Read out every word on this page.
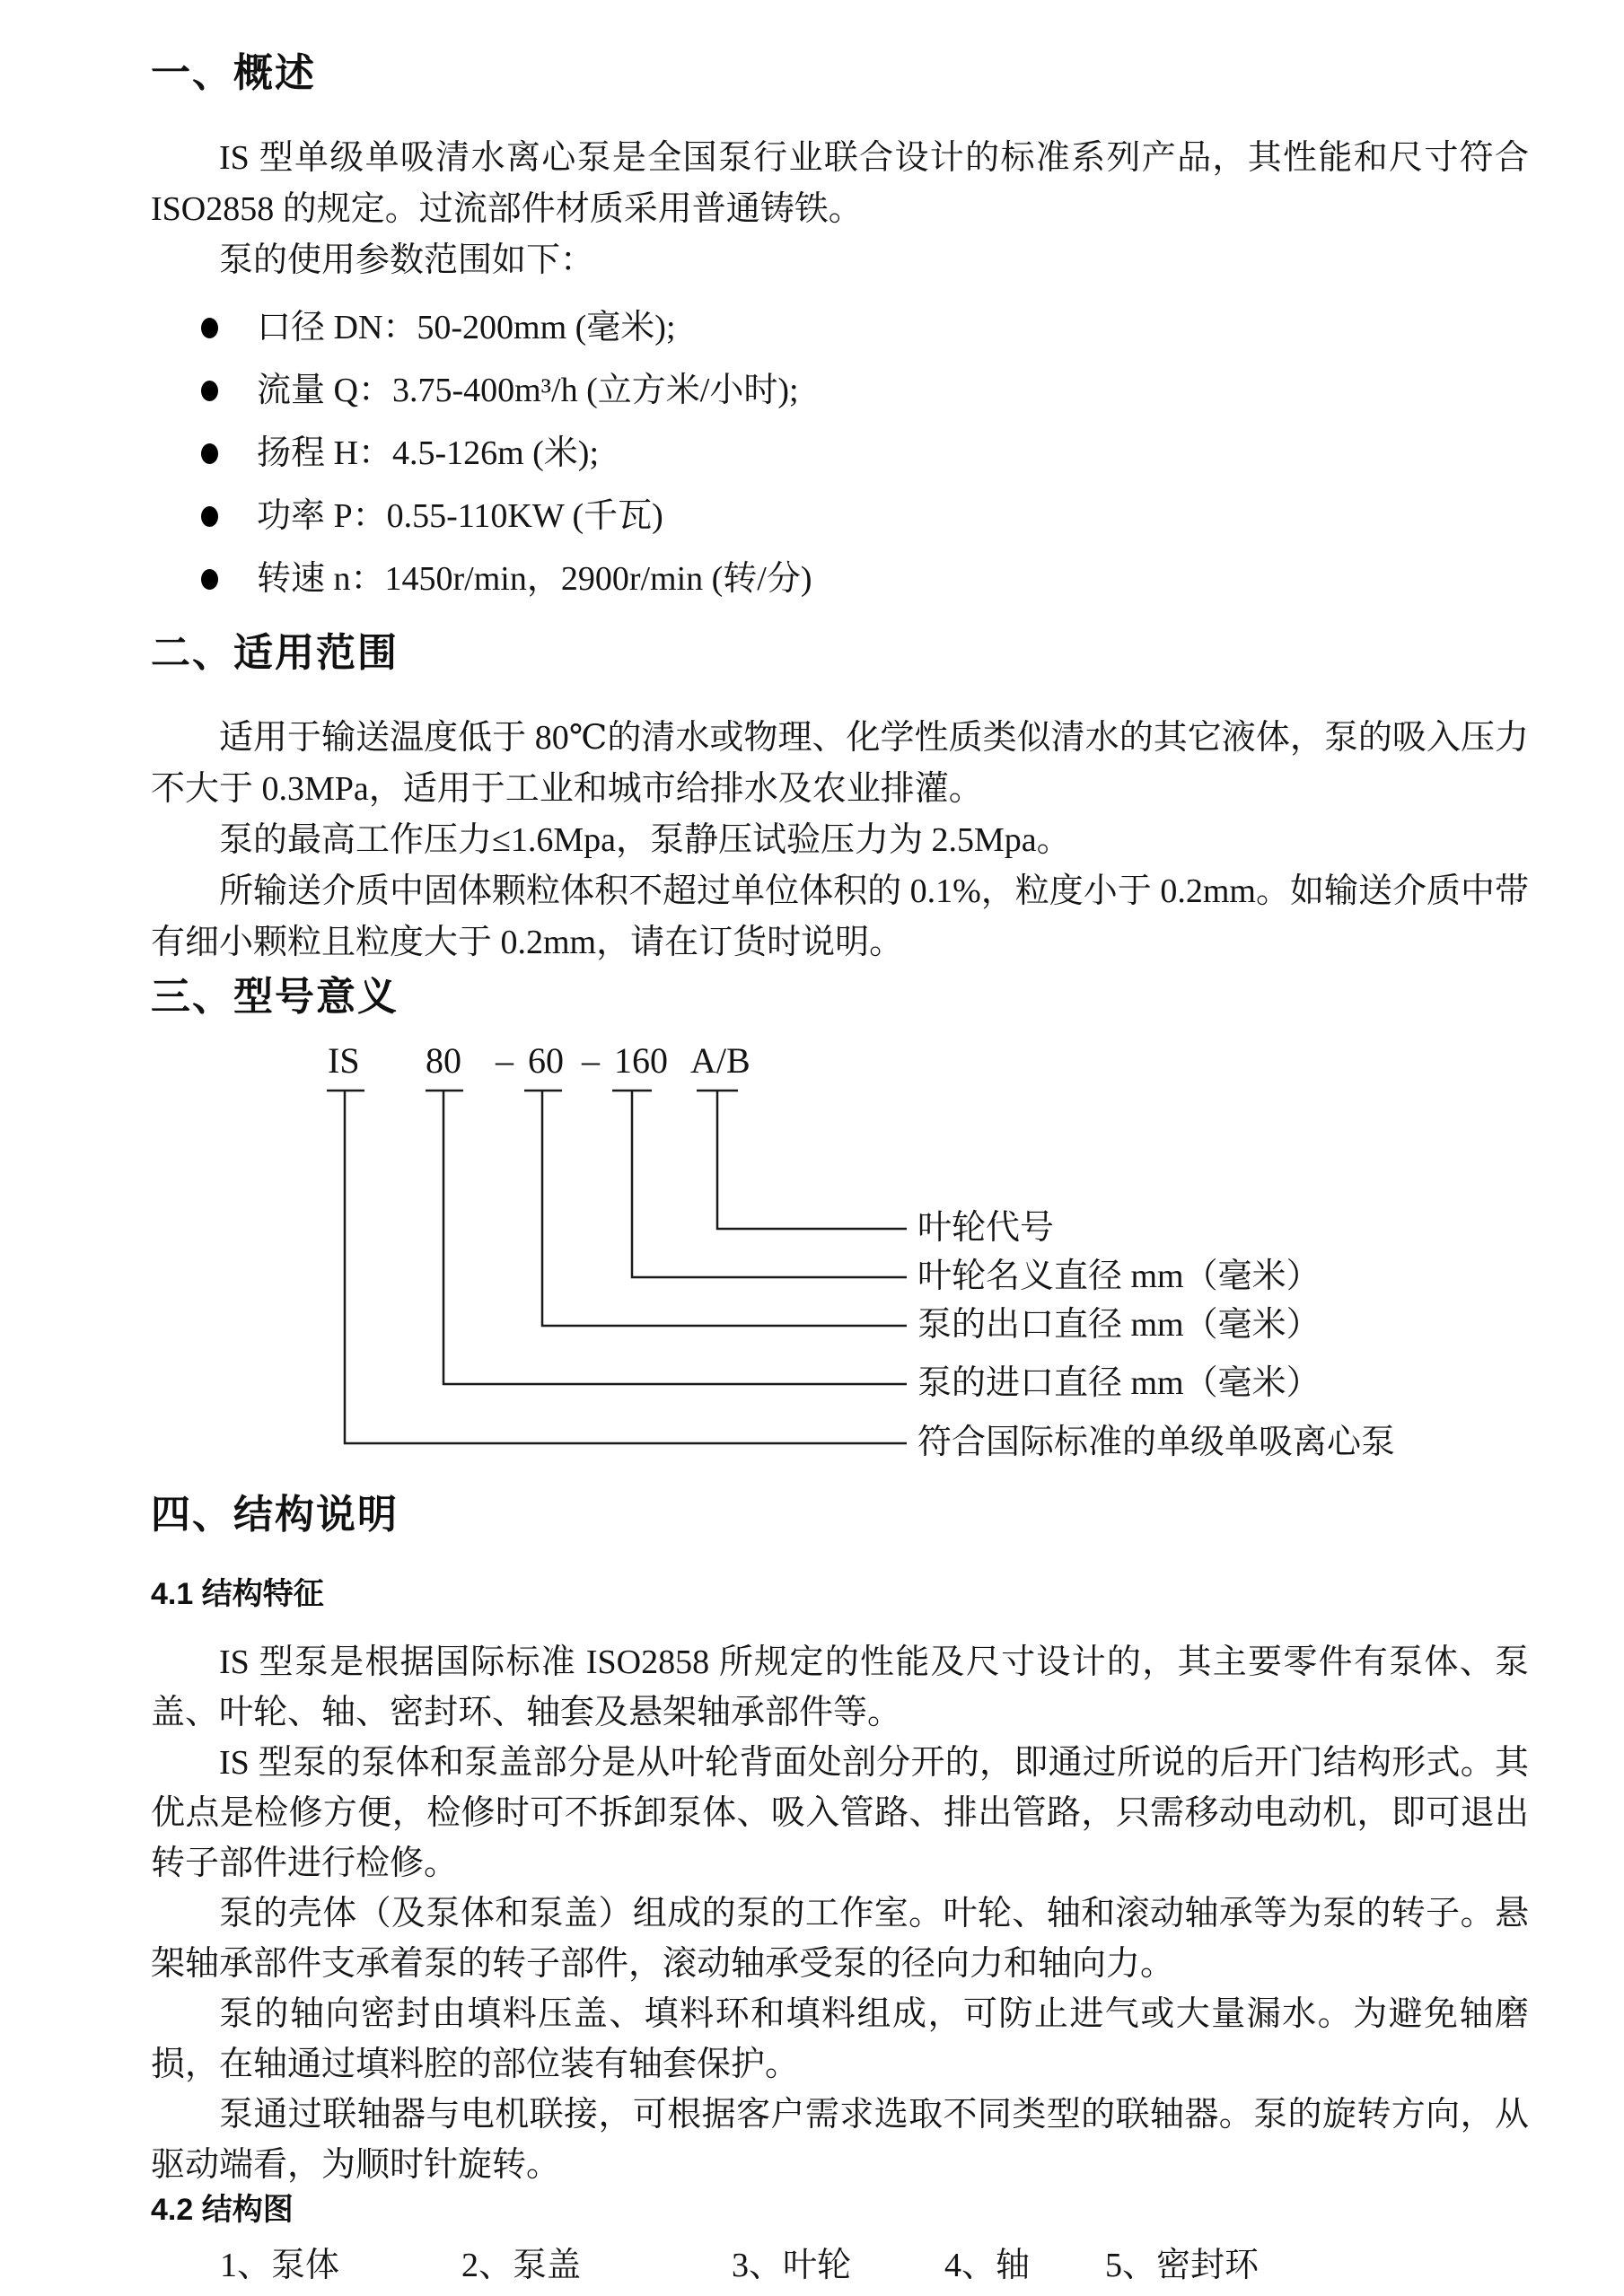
一、概述

IS 型单级单吸清水离心泵是全国泵行业联合设计的标准系列产品，其性能和尺寸符合 ISO2858 的规定。过流部件材质采用普通铸铁。

泵的使用参数范围如下：

口径 DN：50-200mm (毫米);
流量 Q：3.75-400m³/h (立方米/小时);
扬程 H：4.5-126m (米);
功率 P：0.55-110KW (千瓦)
转速 n：1450r/min，2900r/min (转/分)
二、适用范围

适用于输送温度低于 80℃的清水或物理、化学性质类似清水的其它液体，泵的吸入压力不大于 0.3MPa，适用于工业和城市给排水及农业排灌。

泵的最高工作压力≤1.6Mpa，泵静压试验压力为 2.5Mpa。

所输送介质中固体颗粒体积不超过单位体积的 0.1%，粒度小于 0.2mm。如输送介质中带有细小颗粒且粒度大于 0.2mm，请在订货时说明。

三、型号意义
IS 80 – 60 – 160 A/B
叶轮代号
叶轮名义直径 mm（毫米）
泵的出口直径 mm（毫米）
泵的进口直径 mm（毫米）
符合国际标准的单级单吸离心泵
四、结构说明
4.1 结构特征

IS 型泵是根据国际标准 ISO2858 所规定的性能及尺寸设计的，其主要零件有泵体、泵盖、叶轮、轴、密封环、轴套及悬架轴承部件等。

IS 型泵的泵体和泵盖部分是从叶轮背面处剖分开的，即通过所说的后开门结构形式。其优点是检修方便，检修时可不拆卸泵体、吸入管路、排出管路，只需移动电动机，即可退出转子部件进行检修。

泵的壳体（及泵体和泵盖）组成的泵的工作室。叶轮、轴和滚动轴承等为泵的转子。悬架轴承部件支承着泵的转子部件，滚动轴承受泵的径向力和轴向力。

泵的轴向密封由填料压盖、填料环和填料组成，可防止进气或大量漏水。为避免轴磨损，在轴通过填料腔的部位装有轴套保护。

泵通过联轴器与电机联接，可根据客户需求选取不同类型的联轴器。泵的旋转方向，从驱动端看，为顺时针旋转。

4.2 结构图
1、泵体	2、泵盖	3、叶轮	4、轴 5、密封环
